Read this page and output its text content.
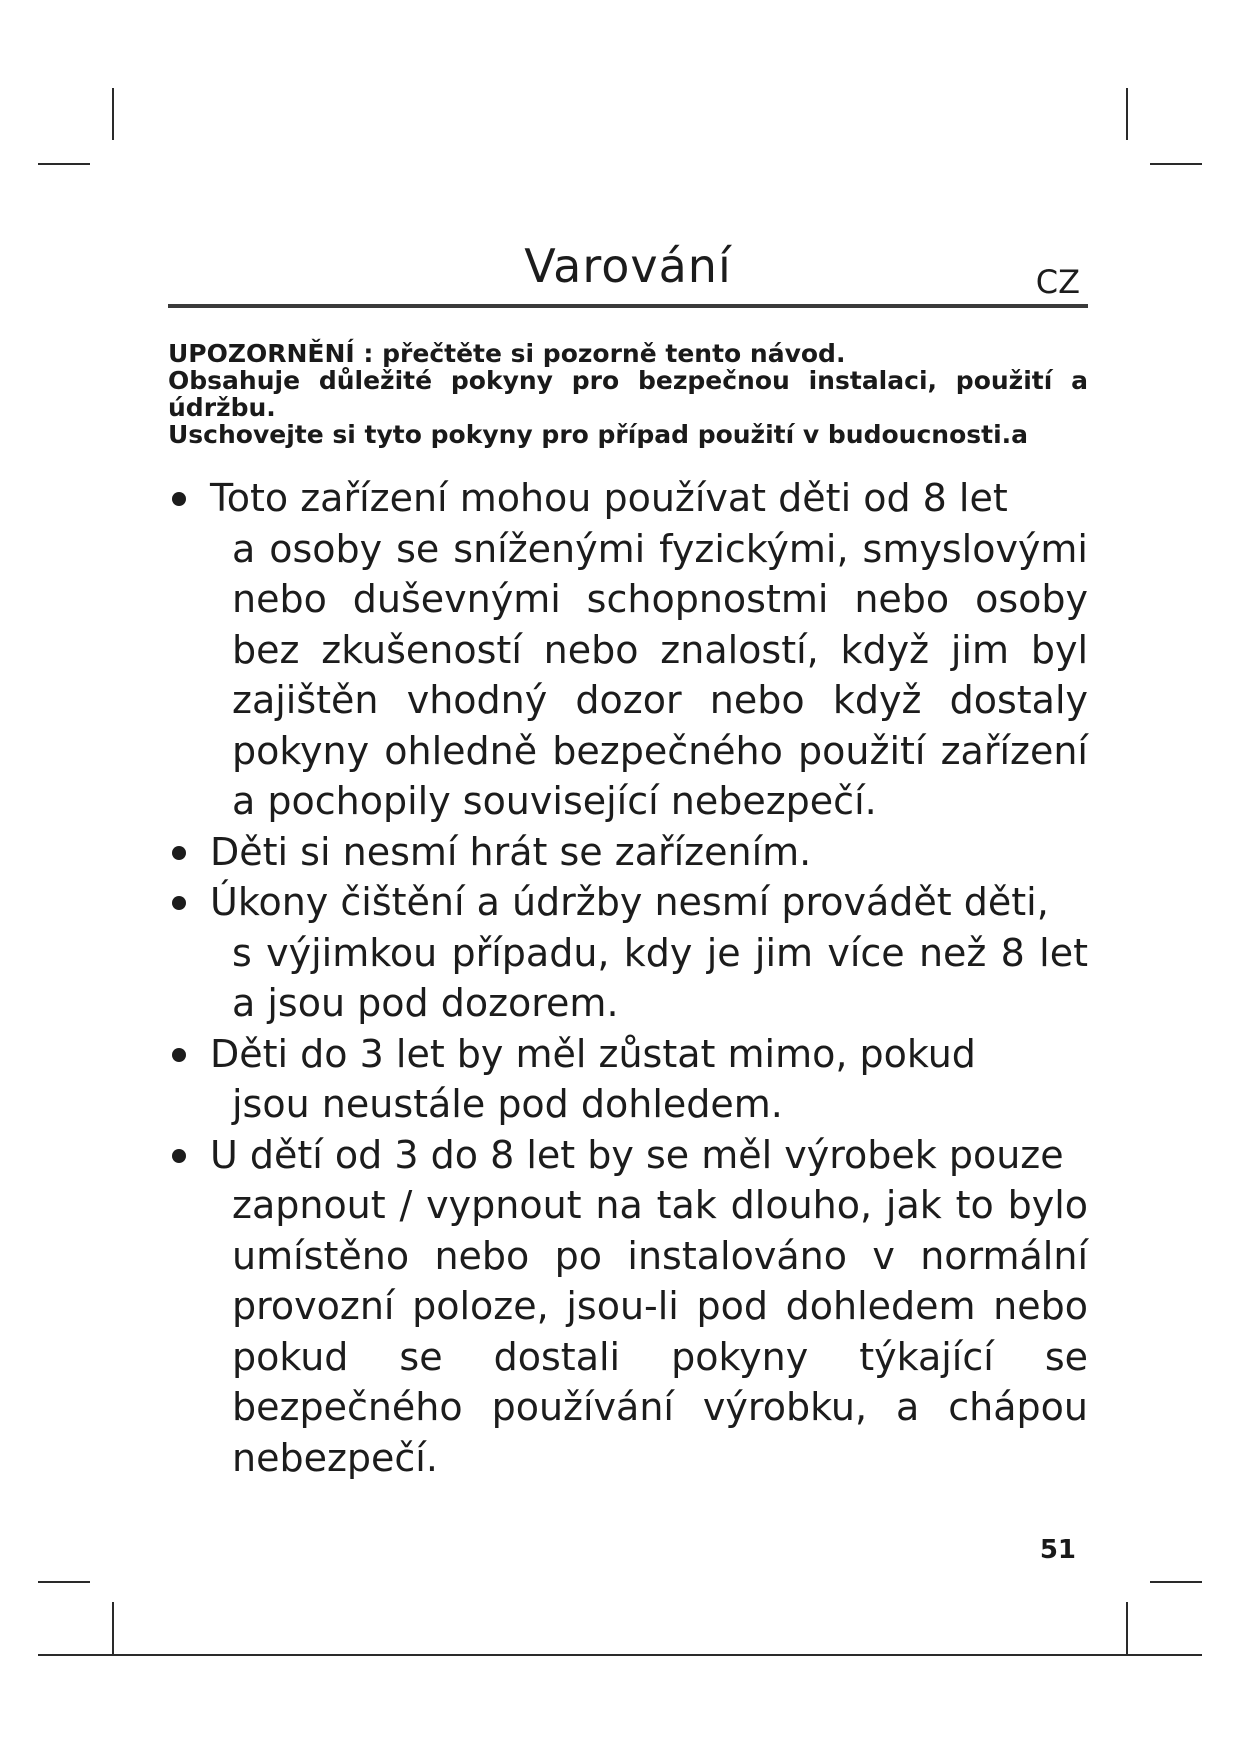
Varování	CZ

UPOZORNĚNÍ : přečtěte si pozorně tento návod.

Obsahuje důležité pokyny pro bezpečnou instalaci, použití a údržbu.

Uschovejte si tyto pokyny pro případ použití v budoucnosti.a

Toto zařízení mohou používat děti od 8 let
a osoby se sníženými fyzickými, smyslovými nebo duševnými schopnostmi nebo osoby bez zkušeností nebo znalostí, když jim byl zajištěn vhodný dozor nebo když dostaly pokyny ohledně bezpečného použití zařízení a pochopily související nebezpečí.
Děti si nesmí hrát se zařízením.
Úkony čištění a údržby nesmí provádět děti,
s výjimkou případu, kdy je jim více než 8 let a jsou pod dozorem.
Děti do 3 let by měl zůstat mimo, pokud
jsou neustále pod dohledem.
U dětí od 3 do 8 let by se měl výrobek pouze
zapnout / vypnout na tak dlouho, jak to bylo umístěno nebo po instalováno v normální provozní poloze, jsou-li pod dohledem nebo pokud se dostali pokyny týkající se bezpečného používání výrobku, a chápou nebezpečí.
51
